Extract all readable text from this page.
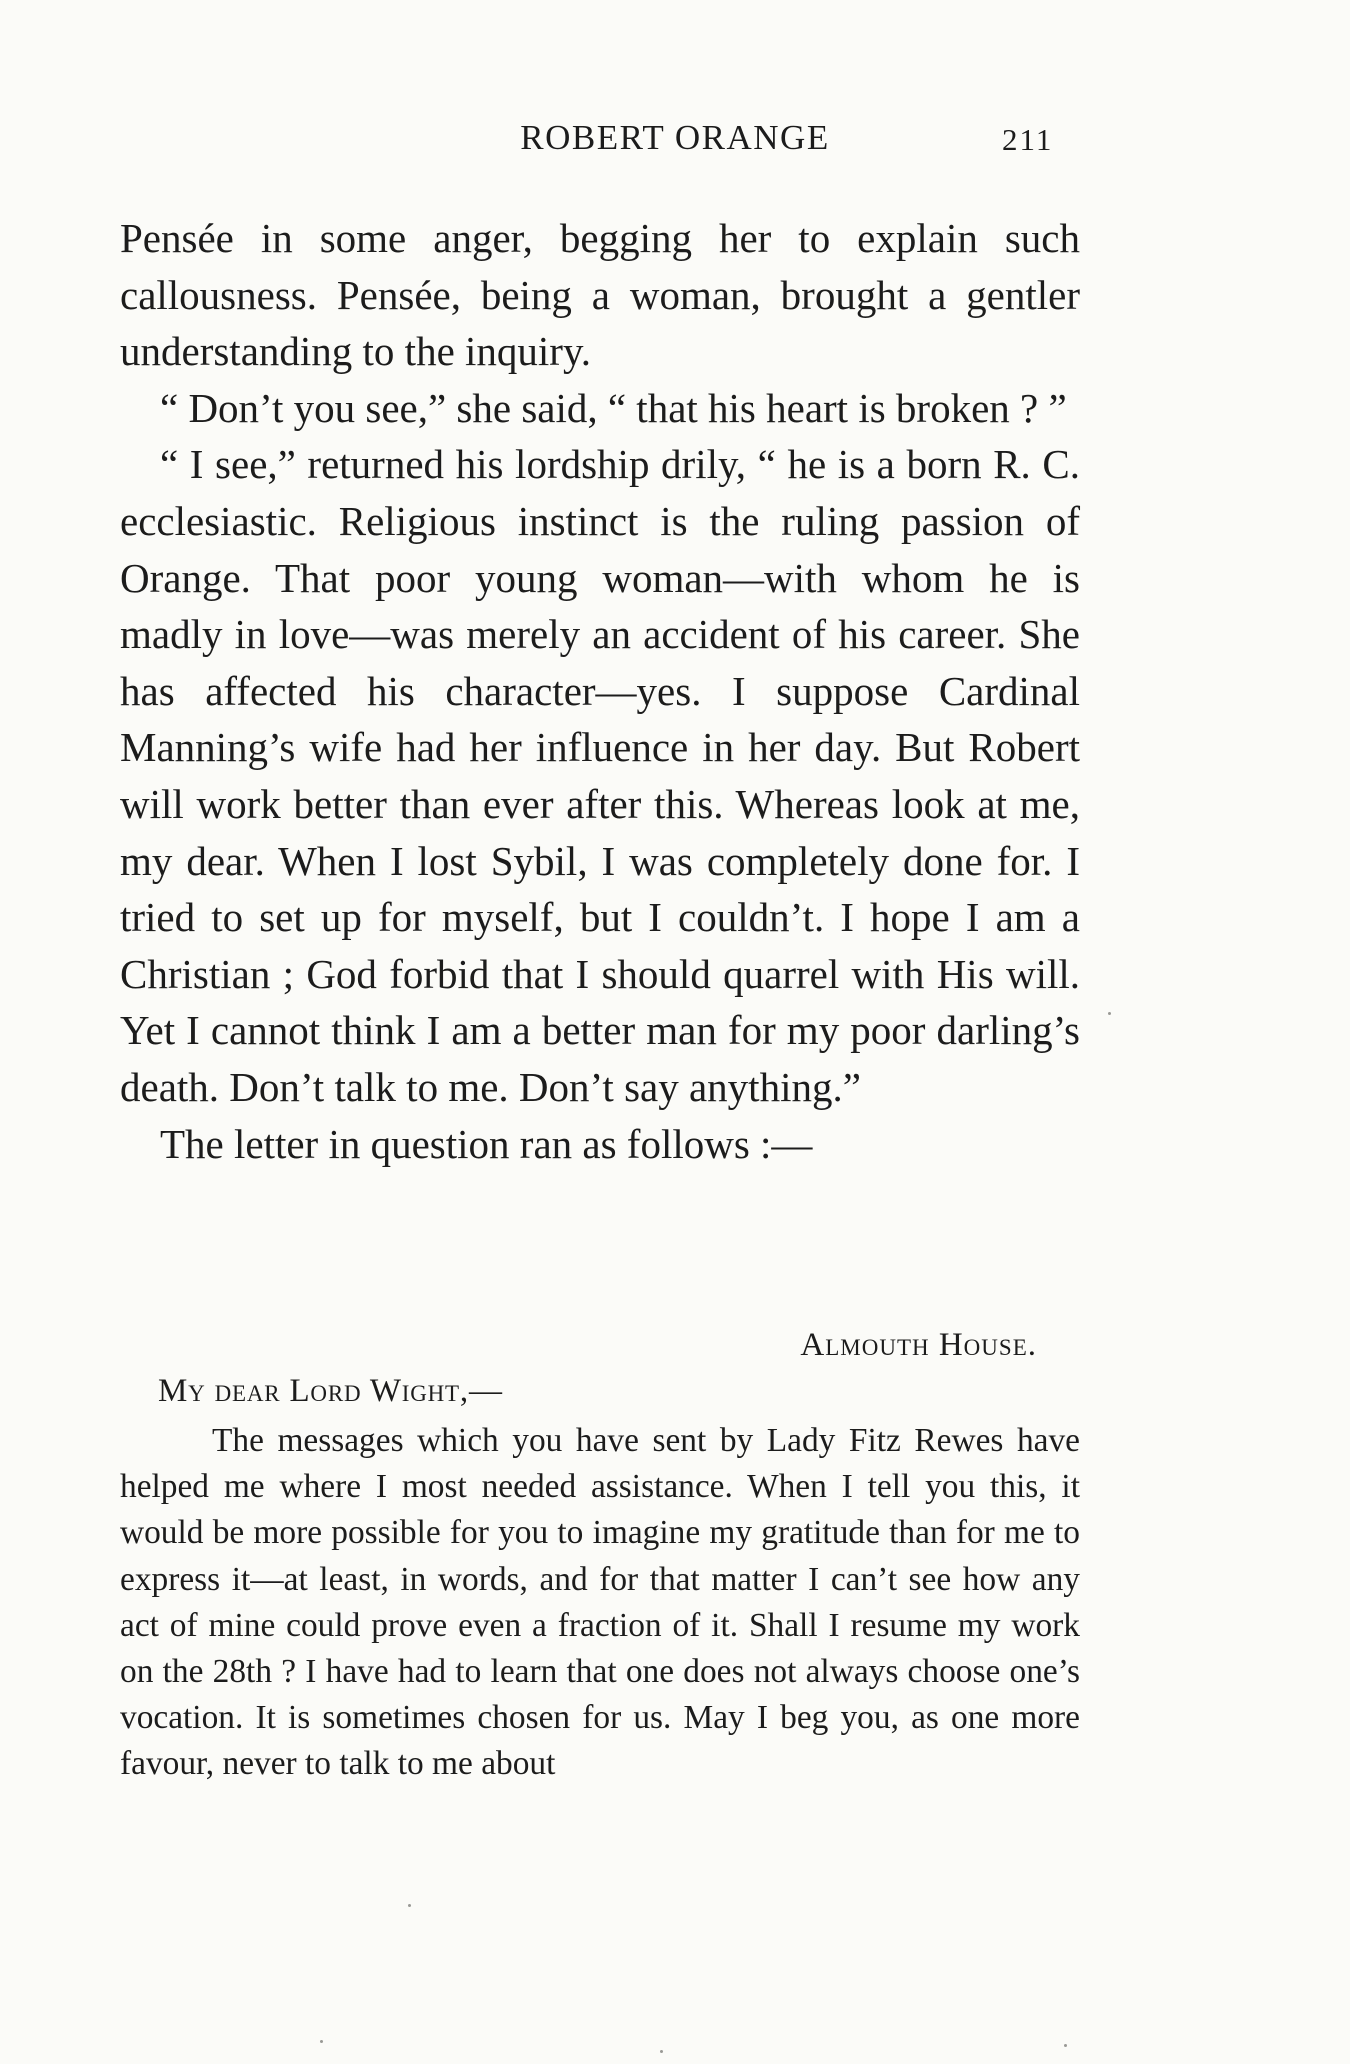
ROBERT ORANGE	211

Pensée in some anger, begging her to explain such callousness. Pensée, being a woman, brought a gentler understanding to the inquiry.

“ Don’t you see,” she said, “ that his heart is broken ? ”

“ I see,” returned his lordship drily, “ he is a born R. C. ecclesiastic. Religious instinct is the ruling passion of Orange. That poor young woman—with whom he is madly in love—was merely an accident of his career. She has affected his character—yes. I suppose Cardinal Manning’s wife had her influence in her day. But Robert will work better than ever after this. Whereas look at me, my dear. When I lost Sybil, I was completely done for. I tried to set up for myself, but I couldn’t. I hope I am a Christian ; God forbid that I should quarrel with His will. Yet I cannot think I am a better man for my poor darling’s death. Don’t talk to me. Don’t say anything.”

The letter in question ran as follows :—

Almouth House.

My dear Lord Wight,—

The messages which you have sent by Lady Fitz Rewes have helped me where I most needed assistance. When I tell you this, it would be more possible for you to imagine my gratitude than for me to express it—at least, in words, and for that matter I can’t see how any act of mine could prove even a fraction of it. Shall I resume my work on the 28th ? I have had to learn that one does not always choose one’s vocation. It is sometimes chosen for us. May I beg you, as one more favour, never to talk to me about
